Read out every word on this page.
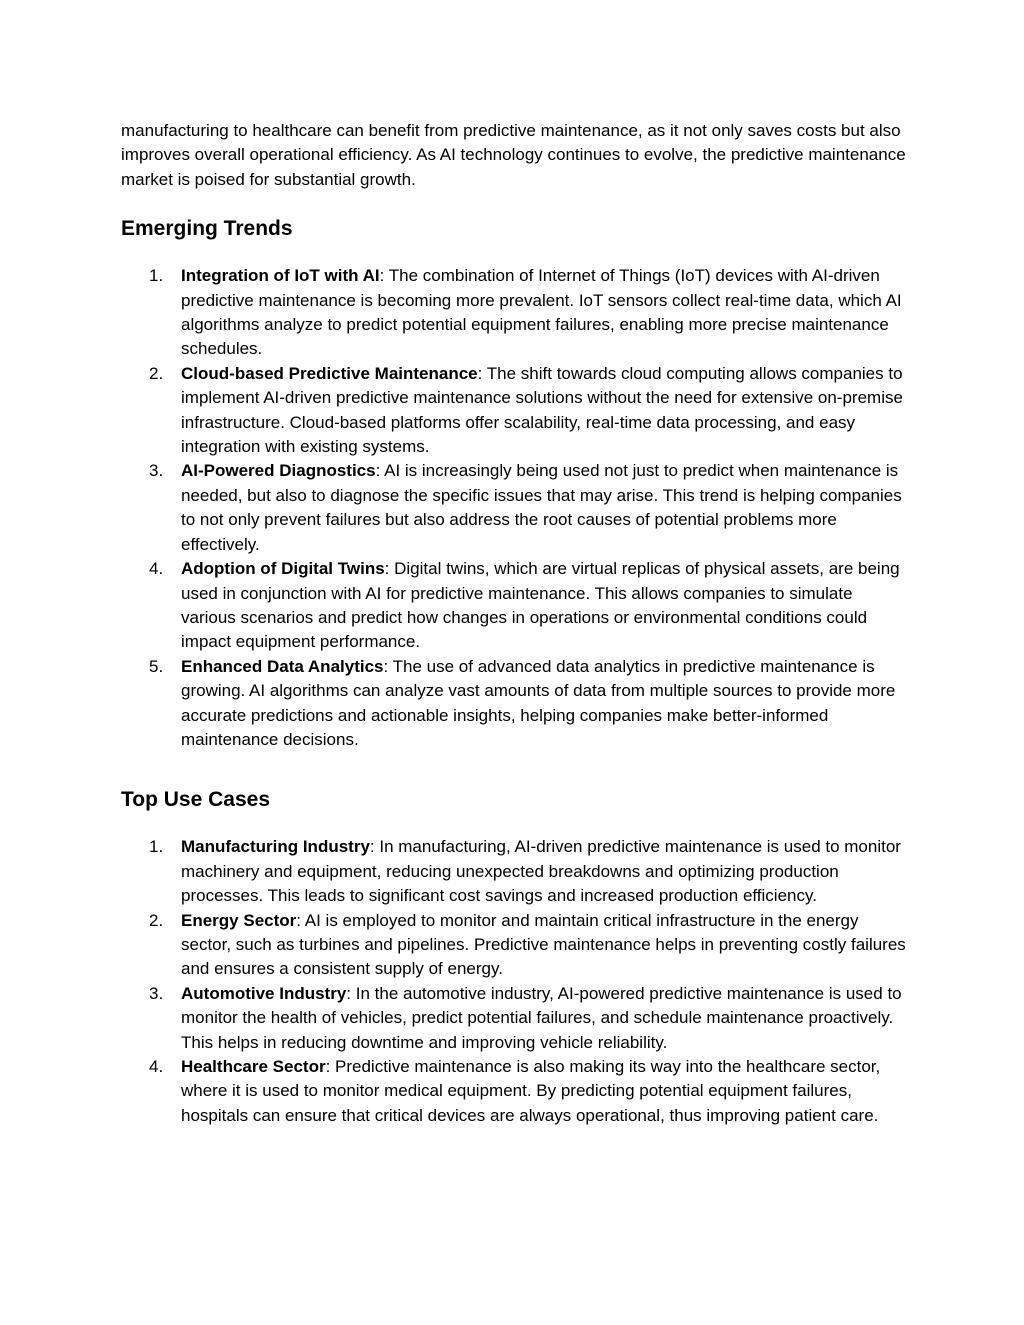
manufacturing to healthcare can benefit from predictive maintenance, as it not only saves costs but also improves overall operational efficiency. As AI technology continues to evolve, the predictive maintenance market is poised for substantial growth.

Emerging Trends
1.	Integration of IoT with AI: The combination of Internet of Things (IoT) devices with AI-driven predictive maintenance is becoming more prevalent. IoT sensors collect real-time data, which AI algorithms analyze to predict potential equipment failures, enabling more precise maintenance schedules.
2.	Cloud-based Predictive Maintenance: The shift towards cloud computing allows companies to implement AI-driven predictive maintenance solutions without the need for extensive on-premise infrastructure. Cloud-based platforms offer scalability, real-time data processing, and easy integration with existing systems.
3.	AI-Powered Diagnostics: AI is increasingly being used not just to predict when maintenance is needed, but also to diagnose the specific issues that may arise. This trend is helping companies to not only prevent failures but also address the root causes of potential problems more effectively.
4.	Adoption of Digital Twins: Digital twins, which are virtual replicas of physical assets, are being used in conjunction with AI for predictive maintenance. This allows companies to simulate various scenarios and predict how changes in operations or environmental conditions could impact equipment performance.
5.	Enhanced Data Analytics: The use of advanced data analytics in predictive maintenance is growing. AI algorithms can analyze vast amounts of data from multiple sources to provide more accurate predictions and actionable insights, helping companies make better-informed maintenance decisions.
Top Use Cases
1.	Manufacturing Industry: In manufacturing, AI-driven predictive maintenance is used to monitor machinery and equipment, reducing unexpected breakdowns and optimizing production processes. This leads to significant cost savings and increased production efficiency.
2.	Energy Sector: AI is employed to monitor and maintain critical infrastructure in the energy sector, such as turbines and pipelines. Predictive maintenance helps in preventing costly failures and ensures a consistent supply of energy.
3.	Automotive Industry: In the automotive industry, AI-powered predictive maintenance is used to monitor the health of vehicles, predict potential failures, and schedule maintenance proactively. This helps in reducing downtime and improving vehicle reliability.
4.	Healthcare Sector: Predictive maintenance is also making its way into the healthcare sector, where it is used to monitor medical equipment. By predicting potential equipment failures, hospitals can ensure that critical devices are always operational, thus improving patient care.
